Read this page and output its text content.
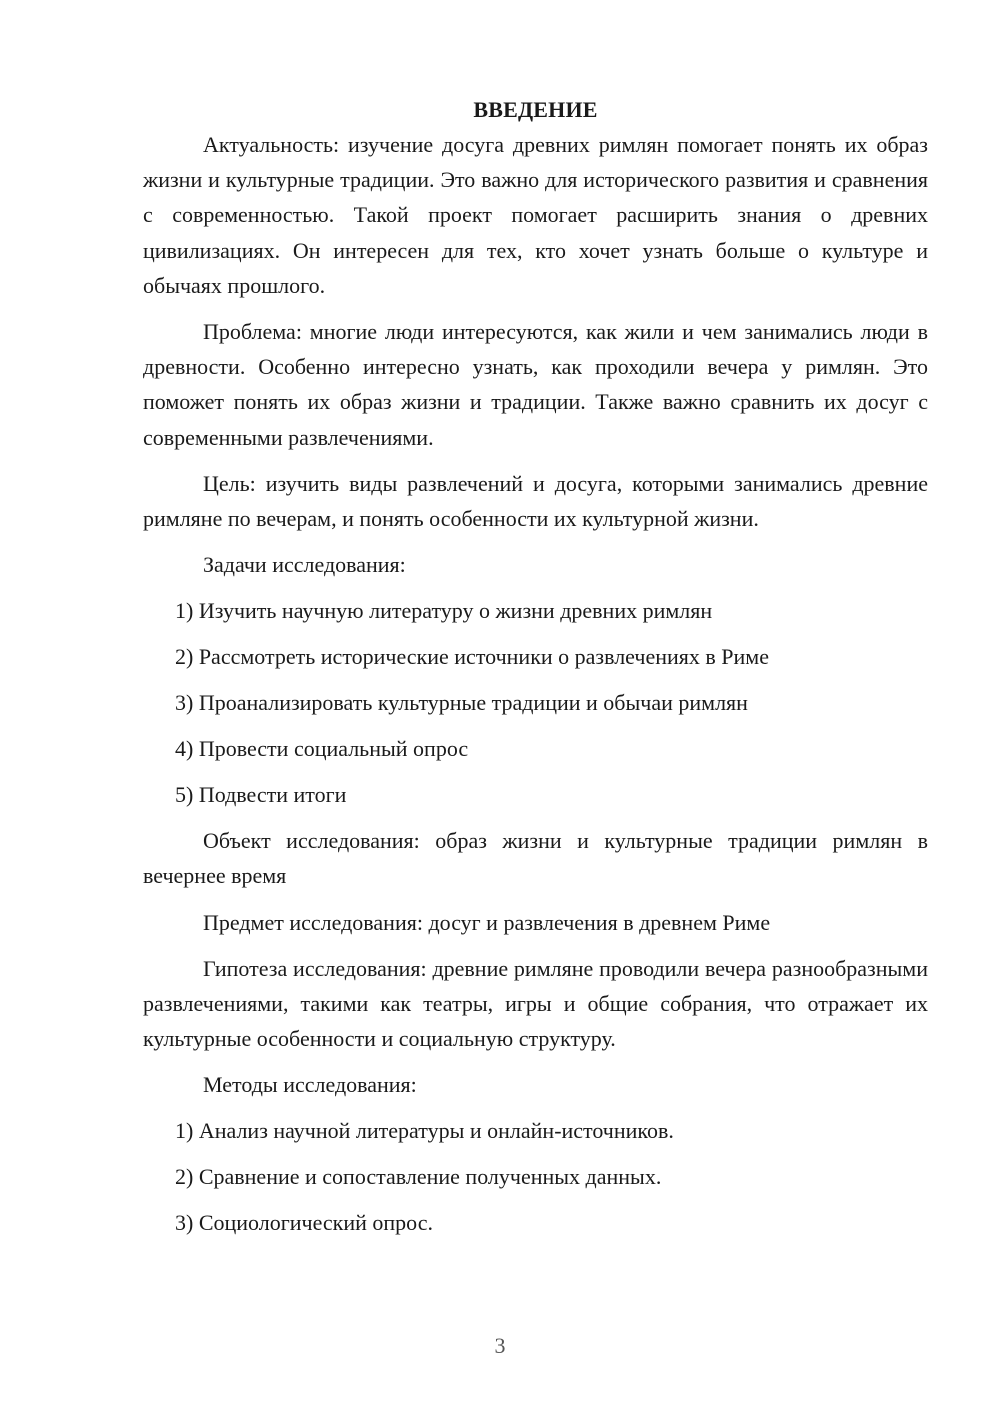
ВВЕДЕНИЕ

Актуальность: изучение досуга древних римлян помогает понять их образ жизни и культурные традиции. Это важно для исторического развития и сравнения с современностью. Такой проект помогает расширить знания о древних цивилизациях. Он интересен для тех, кто хочет узнать больше о культуре и обычаях прошлого.

Проблема: многие люди интересуются, как жили и чем занимались люди в древности. Особенно интересно узнать, как проходили вечера у римлян. Это поможет понять их образ жизни и традиции. Также важно сравнить их досуг с современными развлечениями.

Цель: изучить виды развлечений и досуга, которыми занимались древние римляне по вечерам, и понять особенности их культурной жизни.

Задачи исследования:

1) Изучить научную литературу о жизни древних римлян

2) Рассмотреть исторические источники о развлечениях в Риме

3) Проанализировать культурные традиции и обычаи римлян

4) Провести социальный опрос

5) Подвести итоги

Объект исследования: образ жизни и культурные традиции римлян в вечернее время

Предмет исследования: досуг и развлечения в древнем Риме

Гипотеза исследования: древние римляне проводили вечера разнообразными развлечениями, такими как театры, игры и общие собрания, что отражает их культурные особенности и социальную структуру.

Методы исследования:

1) Анализ научной литературы и онлайн-источников.

2) Сравнение и сопоставление полученных данных.

3) Социологический опрос.

3
